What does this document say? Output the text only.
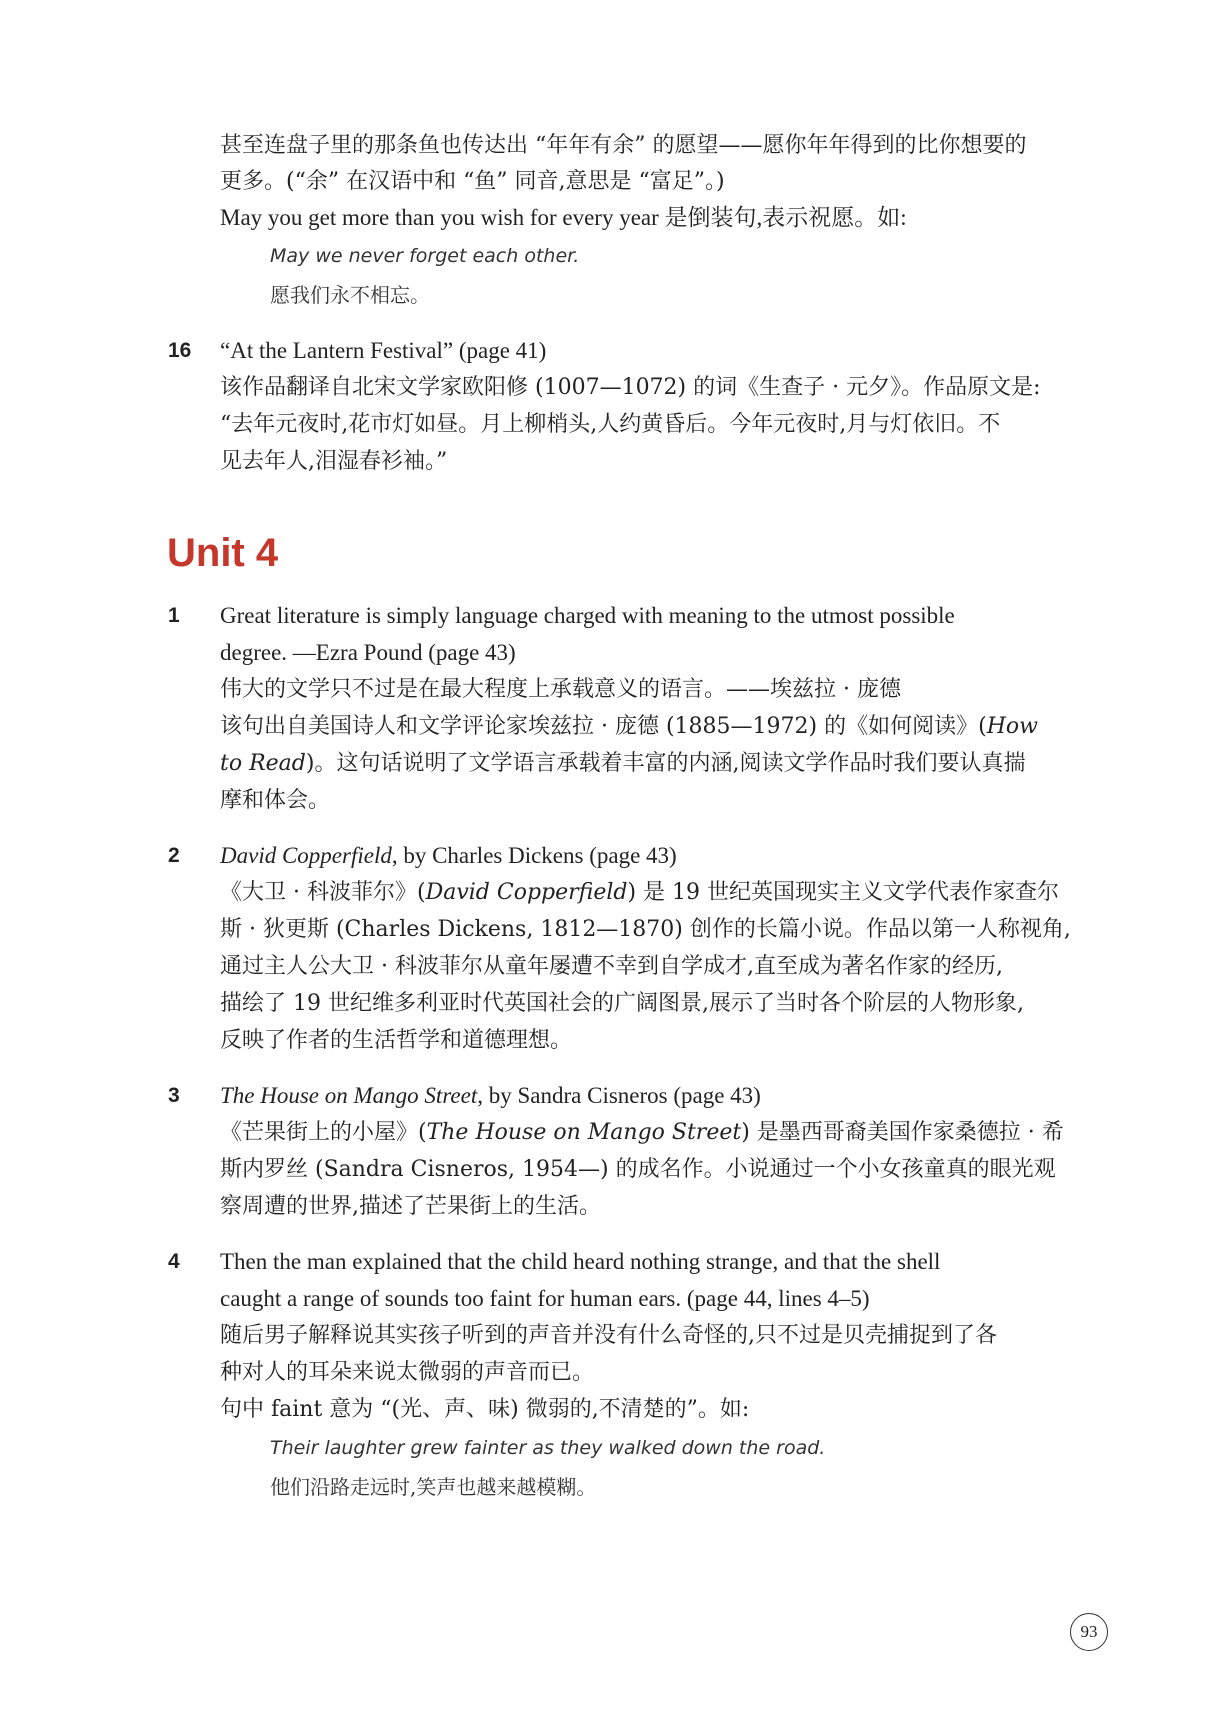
甚至连盘子里的那条鱼也传达出 “年年有余” 的愿望——愿你年年得到的比你想要的
更多。(“余” 在汉语中和 “鱼” 同音,意思是 “富足”。)
May you get more than you wish for every year 是倒装句,表示祝愿。如:
May we never forget each other.
愿我们永不相忘。
16 “At the Lantern Festival” (page 41)
该作品翻译自北宋文学家欧阳修 (1007—1072) 的词《生查子 · 元夕》。作品原文是:
“去年元夜时,花市灯如昼。月上柳梢头,人约黄昏后。今年元夜时,月与灯依旧。不
见去年人,泪湿春衫袖。”
Unit 4
1 Great literature is simply language charged with meaning to the utmost possible
degree. —Ezra Pound (page 43)
伟大的文学只不过是在最大程度上承载意义的语言。——埃兹拉 · 庞德
该句出自美国诗人和文学评论家埃兹拉 · 庞德 (1885—1972) 的《如何阅读》(How
to Read)。这句话说明了文学语言承载着丰富的内涵,阅读文学作品时我们要认真揣
摩和体会。
2 David Copperfield, by Charles Dickens (page 43)
《大卫 · 科波菲尔》(David Copperfield) 是 19 世纪英国现实主义文学代表作家查尔
斯 · 狄更斯 (Charles Dickens, 1812—1870) 创作的长篇小说。作品以第一人称视角,
通过主人公大卫 · 科波菲尔从童年屡遭不幸到自学成才,直至成为著名作家的经历,
描绘了 19 世纪维多利亚时代英国社会的广阔图景,展示了当时各个阶层的人物形象,
反映了作者的生活哲学和道德理想。
3 The House on Mango Street, by Sandra Cisneros (page 43)
《芒果街上的小屋》(The House on Mango Street) 是墨西哥裔美国作家桑德拉 · 希
斯内罗丝 (Sandra Cisneros, 1954—) 的成名作。小说通过一个小女孩童真的眼光观
察周遭的世界,描述了芒果街上的生活。
4 Then the man explained that the child heard nothing strange, and that the shell
caught a range of sounds too faint for human ears. (page 44, lines 4–5)
随后男子解释说其实孩子听到的声音并没有什么奇怪的,只不过是贝壳捕捉到了各
种对人的耳朵来说太微弱的声音而已。
句中 faint 意为 “(光、声、味) 微弱的,不清楚的”。如:
Their laughter grew fainter as they walked down the road.
他们沿路走远时,笑声也越来越模糊。
93
